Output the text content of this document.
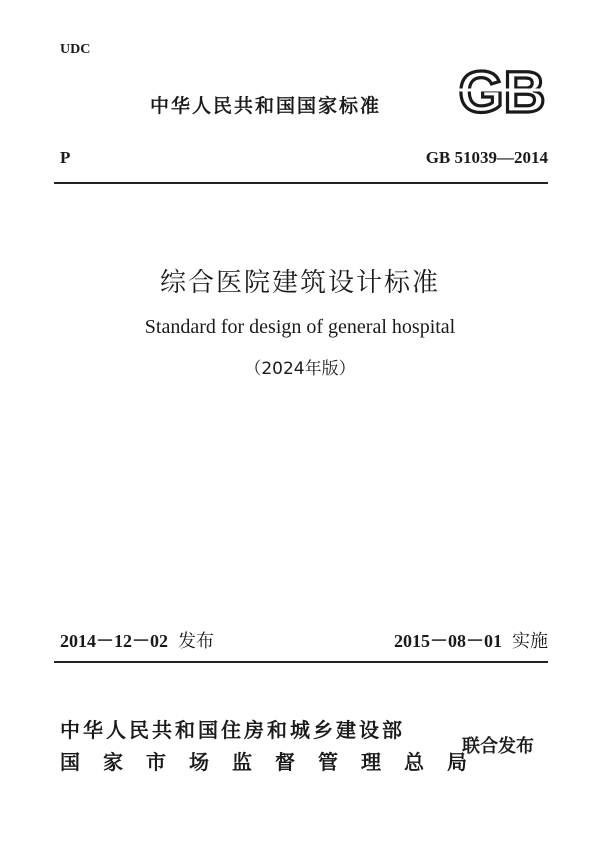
UDC
中华人民共和国国家标准 GB
P	GB 51039—2014
综合医院建筑设计标准
Standard for design of general hospital
（2024年版）
2014－12－02 发布	2015－08－01 实施
中华人民共和国住房和城乡建设部
国家市场监督管理总局
联合发布
